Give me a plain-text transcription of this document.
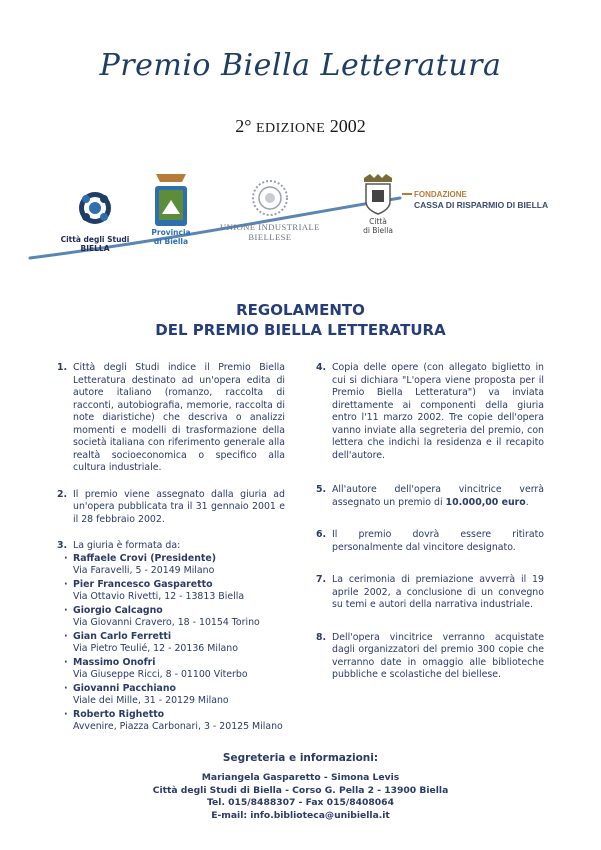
Premio Biella Letteratura
2° EDIZIONE 2002
Città degli Studi
BIELLA
Provincia
di Biella
UNIONE INDUSTRIALE
BIELLESE
Città
di Biella
FONDAZIONE
CASSA DI RISPARMIO DI BIELLA
REGOLAMENTO
DEL PREMIO BIELLA LETTERATURA
1. Città degli Studi indice il Premio Biella Letteratura destinato ad un'opera edita di autore italiano (romanzo, raccolta di racconti, autobiografia, memorie, raccolta di note diaristiche) che descriva o analizzi momenti e modelli di trasformazione della società italiana con riferimento generale alla realtà socioeconomica o specifico alla cultura industriale.
2. Il premio viene assegnato dalla giuria ad un'opera pubblicata tra il 31 gennaio 2001 e il 28 febbraio 2002.
3. La giuria è formata da:
· Raffaele Crovi (Presidente)
Via Faravelli, 5 - 20149 Milano
· Pier Francesco Gasparetto
Via Ottavio Rivetti, 12 - 13813 Biella
· Giorgio Calcagno
Via Giovanni Cravero, 18 - 10154 Torino
· Gian Carlo Ferretti
Via Pietro Teulié, 12 - 20136 Milano
· Massimo Onofri
Via Giuseppe Ricci, 8 - 01100 Viterbo
· Giovanni Pacchiano
Viale dei Mille, 31 - 20129 Milano
· Roberto Righetto
Avvenire, Piazza Carbonari, 3 - 20125 Milano
4. Copia delle opere (con allegato biglietto in cui si dichiara "L'opera viene proposta per il Premio Biella Letteratura") va inviata direttamente ai componenti della giuria entro l'11 marzo 2002. Tre copie dell'opera vanno inviate alla segreteria del premio, con lettera che indichi la residenza e il recapito dell'autore.
5. All'autore dell'opera vincitrice verrà assegnato un premio di 10.000,00 euro.
6. Il premio dovrà essere ritirato personalmente dal vincitore designato.
7. La cerimonia di premiazione avverrà il 19 aprile 2002, a conclusione di un convegno su temi e autori della narrativa industriale.
8. Dell'opera vincitrice verranno acquistate dagli organizzatori del premio 300 copie che verranno date in omaggio alle biblioteche pubbliche e scolastiche del biellese.
Segreteria e informazioni:
Mariangela Gasparetto - Simona Levis
Città degli Studi di Biella - Corso G. Pella 2 - 13900 Biella
Tel. 015/8488307 - Fax 015/8408064
E-mail: info.biblioteca@unibiella.it
